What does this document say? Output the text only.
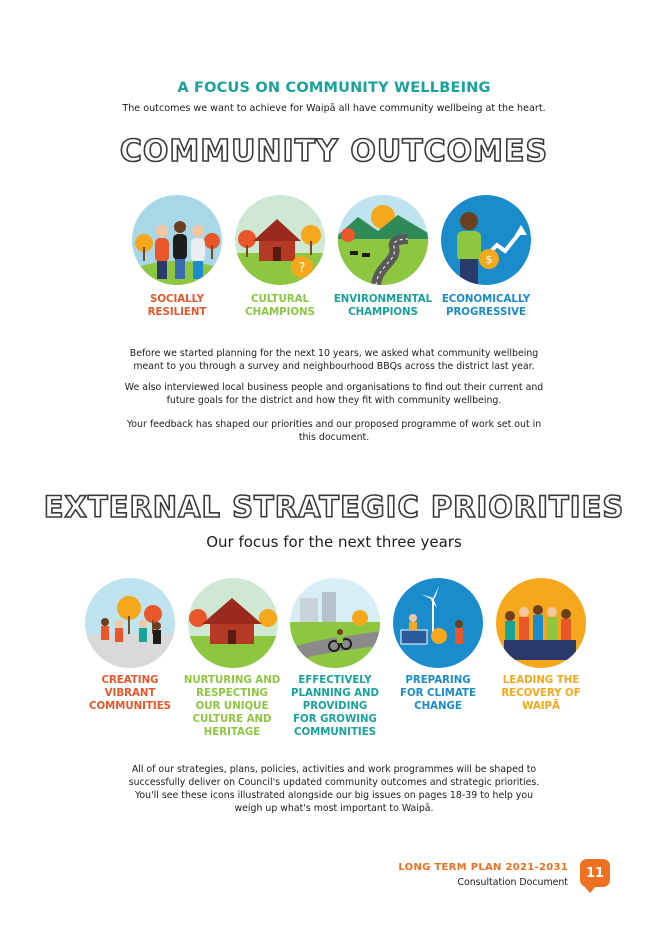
A FOCUS ON COMMUNITY WELLBEING
The outcomes we want to achieve for Waipā all have community wellbeing at the heart.
COMMUNITY OUTCOMES
?
$
SOCIALLY
RESILIENT
CULTURAL
CHAMPIONS
ENVIRONMENTAL
CHAMPIONS
ECONOMICALLY
PROGRESSIVE
Before we started planning for the next 10 years, we asked what community wellbeing meant to you through a survey and neighbourhood BBQs across the district last year.
We also interviewed local business people and organisations to find out their current and future goals for the district and how they fit with community wellbeing.
Your feedback has shaped our priorities and our proposed programme of work set out in this document.
EXTERNAL STRATEGIC PRIORITIES
Our focus for the next three years
CREATING
VIBRANT
COMMUNITIES
NURTURING AND
RESPECTING
OUR UNIQUE
CULTURE AND
HERITAGE
EFFECTIVELY
PLANNING AND
PROVIDING
FOR GROWING
COMMUNITIES
PREPARING
FOR CLIMATE
CHANGE
LEADING THE
RECOVERY OF
WAIPĀ
All of our strategies, plans, policies, activities and work programmes will be shaped to successfully deliver on Council's updated community outcomes and strategic priorities. You'll see these icons illustrated alongside our big issues on pages 18-39 to help you weigh up what's most important to Waipā.
LONG TERM PLAN 2021-2031
Consultation Document
11
